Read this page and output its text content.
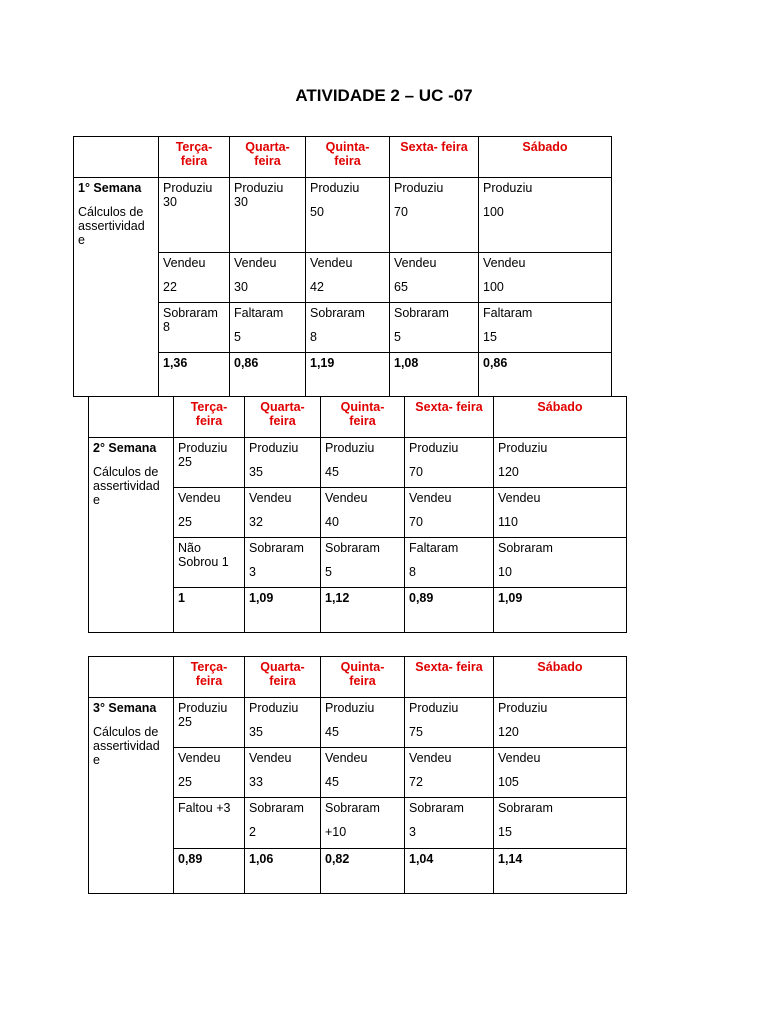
ATIVIDADE 2 – UC -07
	Terça-
feira	Quarta-
feira	Quinta-
feira	Sexta- feira	Sábado

1° Semana
Cálculos de
assertividad
e	Produziu
30	Produziu
30	Produziu
50	Produziu
70	Produziu
100

	Vendeu
22	Vendeu
30	Vendeu
42	Vendeu
65	Vendeu
100

	Sobraram
8	Faltaram
5	Sobraram
8	Sobraram
5	Faltaram
15

	1,36	0,86	1,19	1,08	0,86
	Terça-
feira	Quarta-
feira	Quinta-
feira	Sexta- feira	Sábado

2° Semana
Cálculos de
assertividad
e	Produziu
25	Produziu
35	Produziu
45	Produziu
70	Produziu
120

	Vendeu
25	Vendeu
32	Vendeu
40	Vendeu
70	Vendeu
110

	Não
Sobrou 1	Sobraram
3	Sobraram
5	Faltaram
8	Sobraram
10

	1	1,09	1,12	0,89	1,09
	Terça-
feira	Quarta-
feira	Quinta-
feira	Sexta- feira	Sábado

3° Semana
Cálculos de
assertividad
e	Produziu
25	Produziu
35	Produziu
45	Produziu
75	Produziu
120

	Vendeu
25	Vendeu
33	Vendeu
45	Vendeu
72	Vendeu
105

	Faltou +3	Sobraram
2	Sobraram
+10	Sobraram
3	Sobraram
15

	0,89	1,06	0,82	1,04	1,14
